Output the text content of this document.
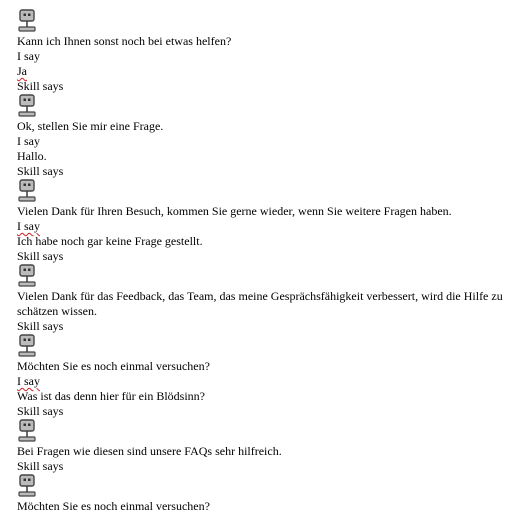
Kann ich Ihnen sonst noch bei etwas helfen?
I say
Ja
Skill says
Ok, stellen Sie mir eine Frage.
I say
Hallo.
Skill says
Vielen Dank für Ihren Besuch, kommen Sie gerne wieder, wenn Sie weitere Fragen haben.
I say
Ich habe noch gar keine Frage gestellt.
Skill says
Vielen Dank für das Feedback, das Team, das meine Gesprächsfähigkeit verbessert, wird die Hilfe zu schätzen wissen.
Skill says
Möchten Sie es noch einmal versuchen?
I say
Was ist das denn hier für ein Blödsinn?
Skill says
Bei Fragen wie diesen sind unsere FAQs sehr hilfreich.
Skill says
Möchten Sie es noch einmal versuchen?
